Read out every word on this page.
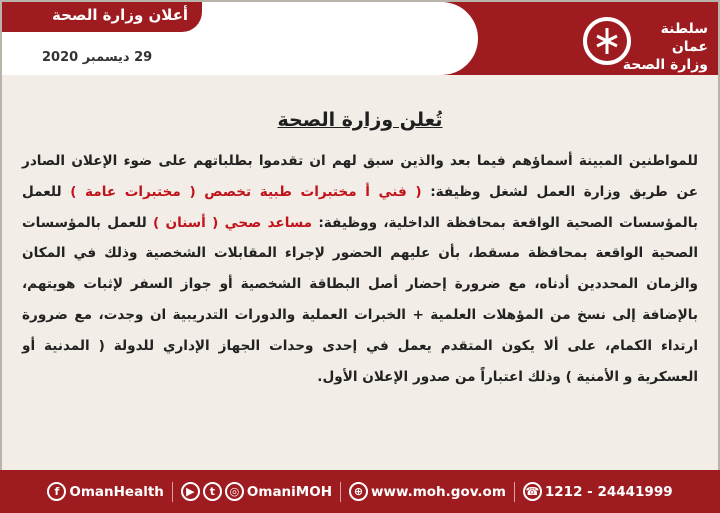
أعلان وزارة الصحة
29 ديسمبر 2020
سلطنة عمان
وزارة الصحة
تُعلن وزارة الصحة
للمواطنين المبينة أسماؤهم فيما بعد والذين سبق لهم ان تقدموا بطلباتهم على ضوء الإعلان الصادر عن طريق وزارة العمل لشغل وظيفة: ( فني أ مختبرات طبية تخصص ( مختبرات عامة ) للعمل بالمؤسسات الصحية الواقعة بمحافظة الداخلية، ووظيفة: مساعد صحي ( أسنان ) للعمل بالمؤسسات الصحية الواقعة بمحافظة مسقط، بأن عليهم الحضور لإجراء المقابلات الشخصية وذلك في المكان والزمان المحددين أدناه، مع ضرورة إحضار أصل البطاقة الشخصية أو جواز السفر لإثبات هويتهم، بالإضافة إلى نسخ من المؤهلات العلمية + الخبرات العملية والدورات التدريبية ان وجدت، مع ضرورة ارتداء الكمام، على ألا يكون المتقدم يعمل في إحدى وحدات الجهاز الإداري للدولة ( المدنية أو العسكرية و الأمنية ) وذلك اعتباراً من صدور الإعلان الأول.
f OmanHealth	▶	t	◎ OmaniMOH	⊕ www.moh.gov.om ☎ 1212 - 24441999
